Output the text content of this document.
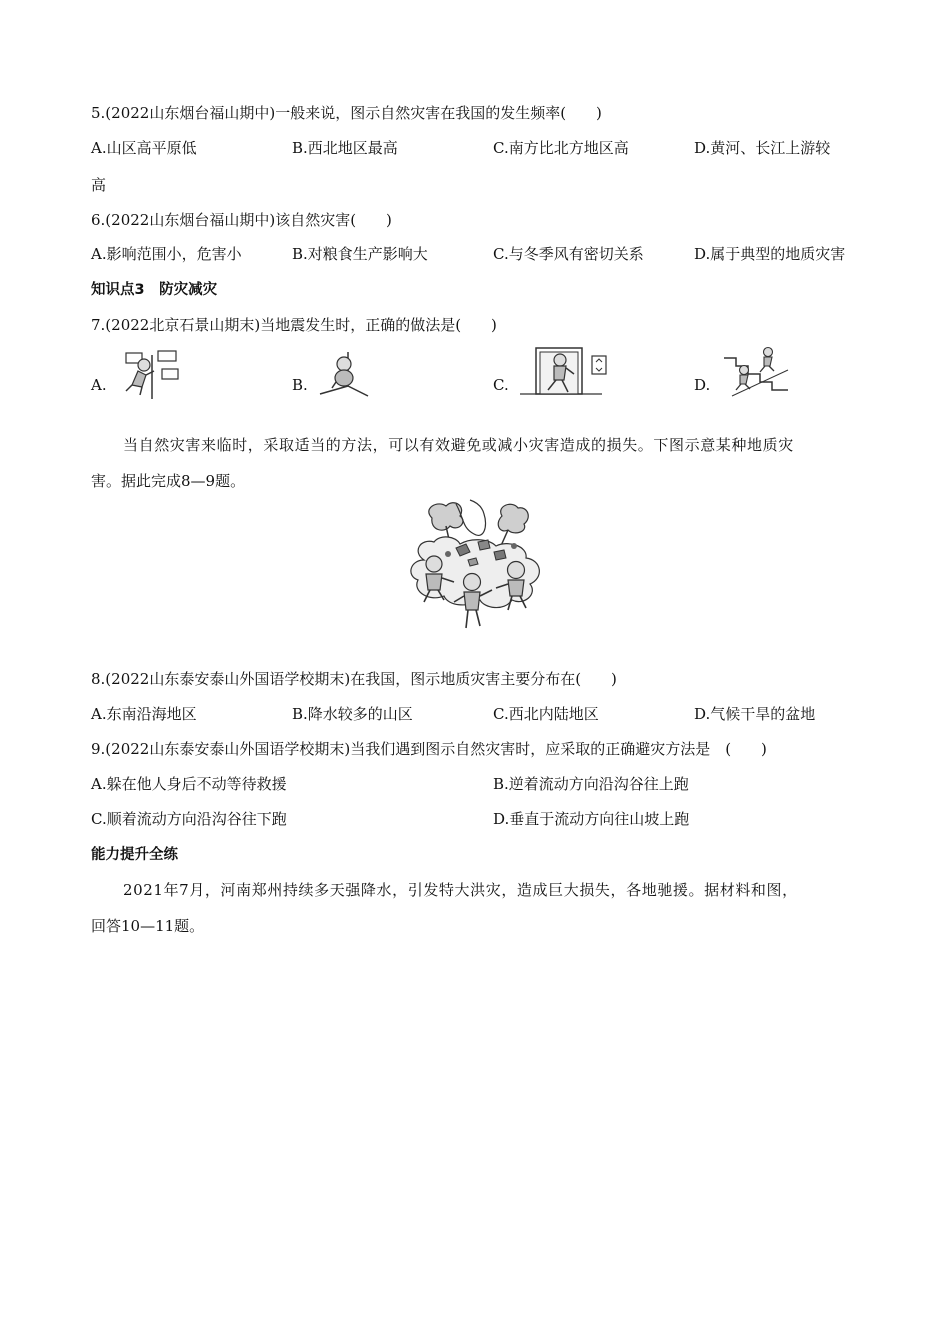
5.(2022山东烟台福山期中)一般来说，图示自然灾害在我国的发生频率(　　)
A.山区高平原低	B.西北地区最高	C.南方比北方地区高	D.黄河、长江上游较
高
6.(2022山东烟台福山期中)该自然灾害(　　)
A.影响范围小，危害小	B.对粮食生产影响大	C.与冬季风有密切关系	D.属于典型的地质灾害
知识点3　防灾减灾
7.(2022北京石景山期末)当地震发生时，正确的做法是(　　)
A.	B.	C.	D.
当自然灾害来临时，采取适当的方法，可以有效避免或减小灾害造成的损失。下图示意某种地质灾
害。据此完成8—9题。
8.(2022山东泰安泰山外国语学校期末)在我国，图示地质灾害主要分布在(　　)
A.东南沿海地区	B.降水较多的山区	C.西北内陆地区	D.气候干旱的盆地
9.(2022山东泰安泰山外国语学校期末)当我们遇到图示自然灾害时，应采取的正确避灾方法是　(　　)
A.躲在他人身后不动等待救援	B.逆着流动方向沿沟谷往上跑
C.顺着流动方向沿沟谷往下跑	D.垂直于流动方向往山坡上跑
能力提升全练
2021年7月，河南郑州持续多天强降水，引发特大洪灾，造成巨大损失，各地驰援。据材料和图，
回答10—11题。
